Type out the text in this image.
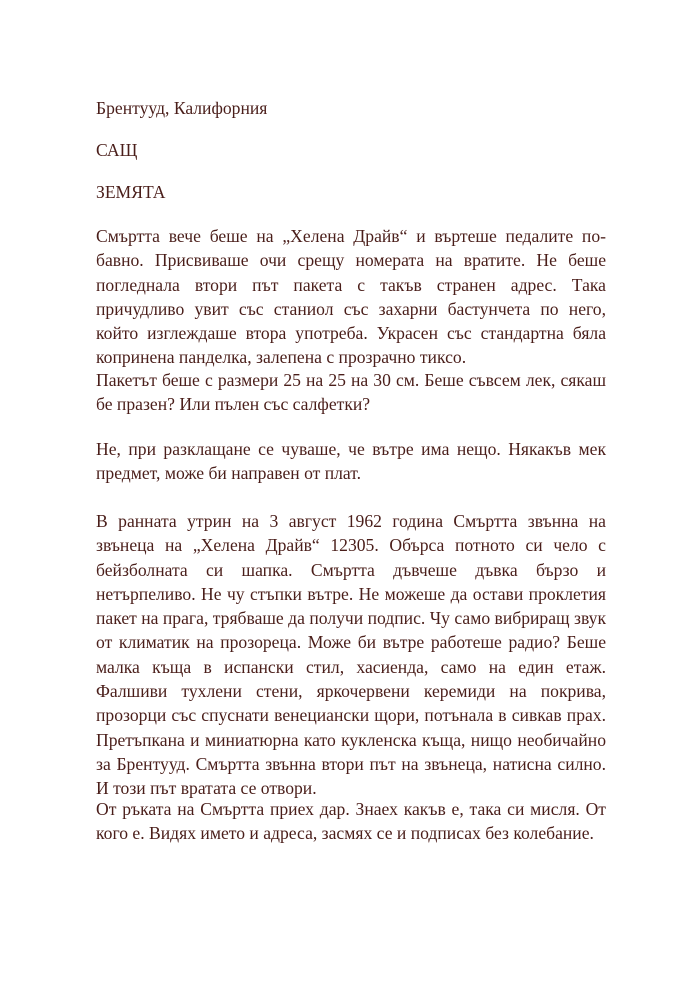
Брентууд, Калифорния
САЩ
ЗЕМЯТА

Смъртта вече беше на „Хелена Драйв“ и въртеше педалите по-бавно. Присвиваше очи срещу номерата на вратите. Не беше погледнала втори път пакета с такъв странен адрес. Така причудливо увит със станиол със захарни бастунчета по него, който изглеждаше втора употреба. Украсен със стандартна бяла копринена панделка, залепена с прозрачно тиксо.

Пакетът беше с размери 25 на 25 на 30 см. Беше съвсем лек, сякаш бе празен? Или пълен със салфетки?

Не, при разклащане се чуваше, че вътре има нещо. Някакъв мек предмет, може би направен от плат.

В ранната утрин на 3 август 1962 година Смъртта звънна на звънеца на „Хелена Драйв“ 12305. Обърса потното си чело с бейзболната си шапка. Смъртта дъвчеше дъвка бързо и нетърпеливо. Не чу стъпки вътре. Не можеше да остави проклетия пакет на прага, трябваше да получи подпис. Чу само вибриращ звук от климатик на прозореца. Може би вътре работеше радио? Беше малка къща в испански стил, хасиенда, само на един етаж. Фалшиви тухлени стени, яркочервени керемиди на покрива, прозорци със спуснати венециански щори, потънала в сивкав прах. Претъпкана и миниатюрна като кукленска къща, нищо необичайно за Брентууд. Смъртта звънна втори път на звънеца, натисна силно. И този път вратата се отвори.

От ръката на Смъртта приех дар. Знаех какъв е, така си мисля. От кого е. Видях името и адреса, засмях се и подписах без колебание.
